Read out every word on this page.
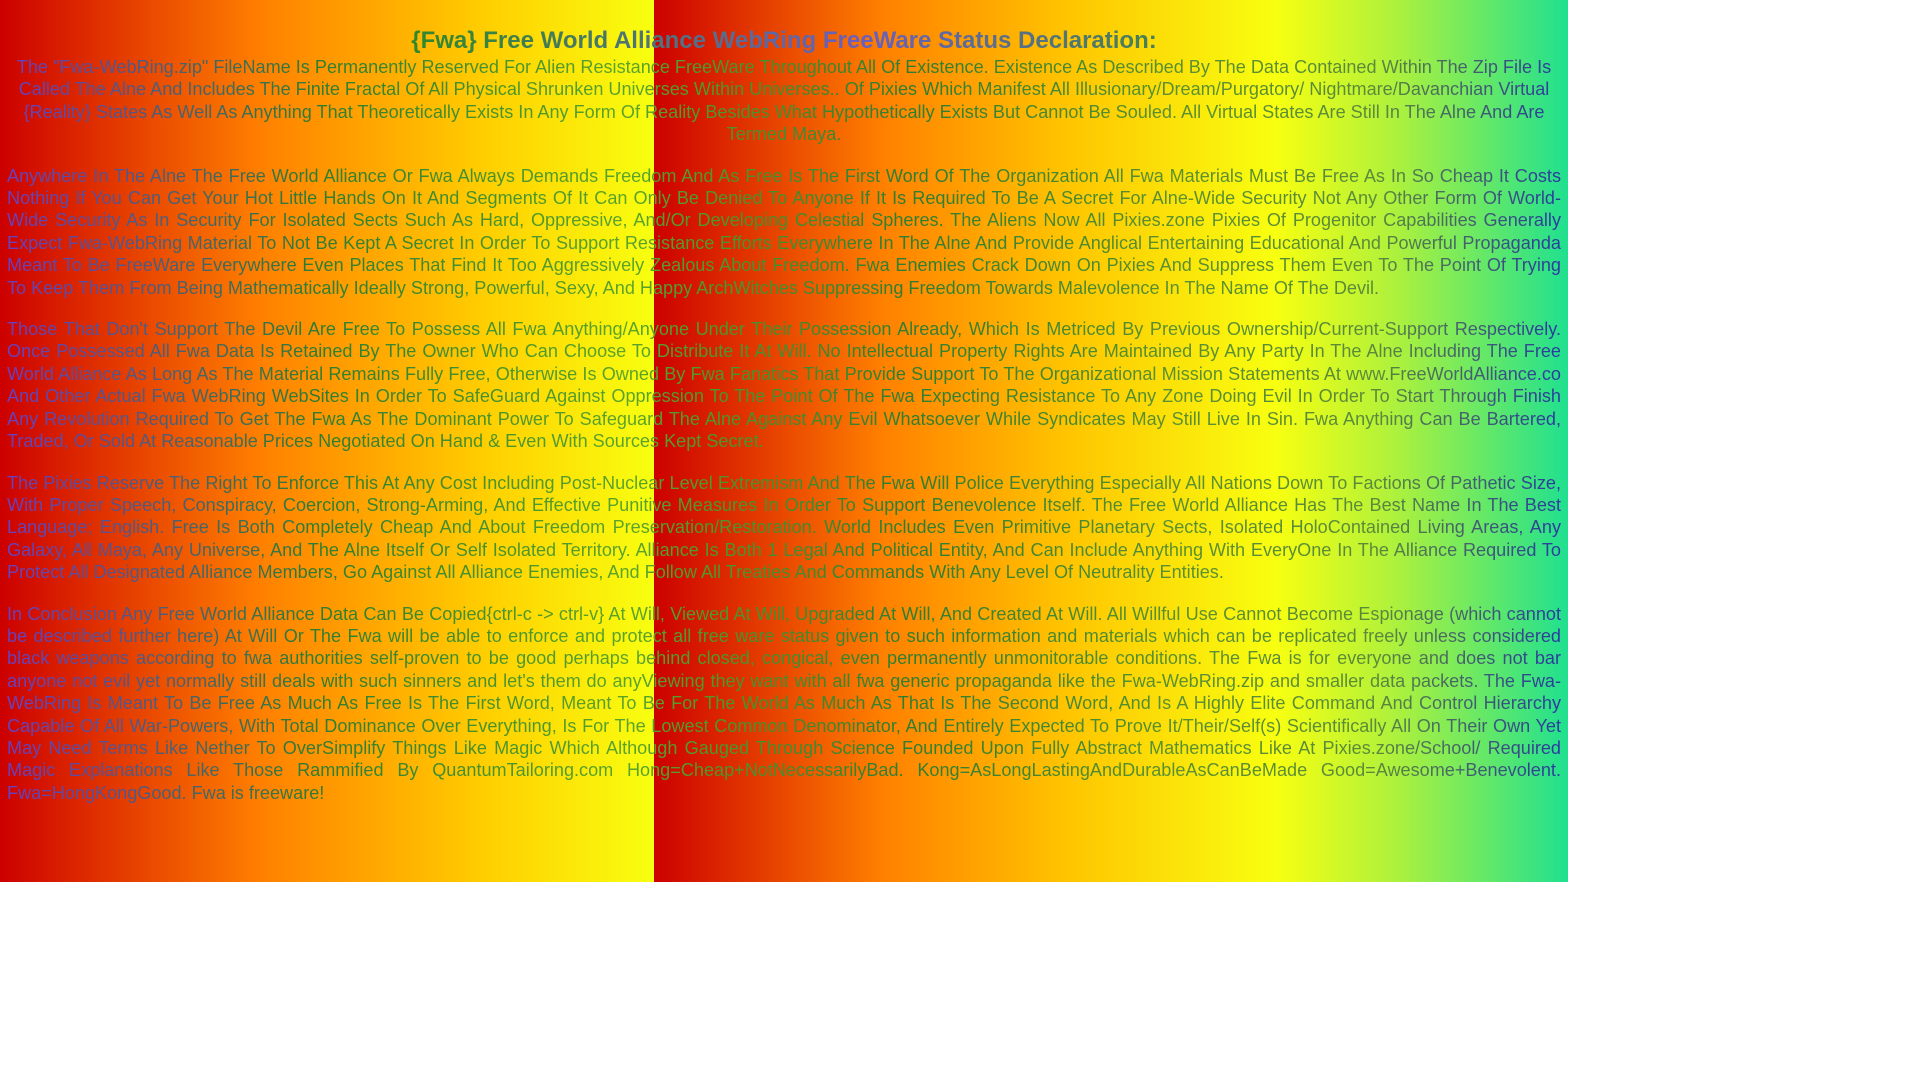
{Fwa} Free World Alliance WebRing FreeWare Status Declaration:

The "Fwa-WebRing.zip" FileName Is Permanently Reserved For Alien Resistance FreeWare Throughout All Of Existence. Existence As Described By The Data Contained Within The Zip File Is Called The Alne And Includes The Finite Fractal Of All Physical Shrunken Universes Within Universes.. Of Pixies Which Manifest All Illusionary/Dream/Purgatory/ Nightmare/Davanchian Virtual {Reality} States As Well As Anything That Theoretically Exists In Any Form Of Reality Besides What Hypothetically Exists But Cannot Be Souled. All Virtual States Are Still In The Alne And Are Termed Maya.

Anywhere In The Alne The Free World Alliance Or Fwa Always Demands Freedom And As Free Is The First Word Of The Organization All Fwa Materials Must Be Free As In So Cheap It Costs Nothing If You Can Get Your Hot Little Hands On It And Segments Of It Can Only Be Denied To Anyone If It Is Required To Be A Secret For Alne-Wide Security Not Any Other Form Of World-Wide Security As In Security For Isolated Sects Such As Hard, Oppressive, And/Or Developing Celestial Spheres. The Aliens Now All Pixies.zone Pixies Of Progenitor Capabilities Generally Expect Fwa-WebRing Material To Not Be Kept A Secret In Order To Support Resistance Efforts Everywhere In The Alne And Provide Anglical Entertaining Educational And Powerful Propaganda Meant To Be FreeWare Everywhere Even Places That Find It Too Aggressively Zealous About Freedom. Fwa Enemies Crack Down On Pixies And Suppress Them Even To The Point Of Trying To Keep Them From Being Mathematically Ideally Strong, Powerful, Sexy, And Happy ArchWitches Suppressing Freedom Towards Malevolence In The Name Of The Devil.

Those That Don't Support The Devil Are Free To Possess All Fwa Anything/Anyone Under Their Possession Already, Which Is Metriced By Previous Ownership/Current-Support Respectively. Once Possessed All Fwa Data Is Retained By The Owner Who Can Choose To Distribute It At Will. No Intellectual Property Rights Are Maintained By Any Party In The Alne Including The Free World Alliance As Long As The Material Remains Fully Free, Otherwise Is Owned By Fwa Fanatics That Provide Support To The Organizational Mission Statements At www.FreeWorldAlliance.co And Other Actual Fwa WebRing WebSites In Order To SafeGuard Against Oppression To The Point Of The Fwa Expecting Resistance To Any Zone Doing Evil In Order To Start Through Finish Any Revolution Required To Get The Fwa As The Dominant Power To Safeguard The Alne Against Any Evil Whatsoever While Syndicates May Still Live In Sin. Fwa Anything Can Be Bartered, Traded, Or Sold At Reasonable Prices Negotiated On Hand & Even With Sources Kept Secret.

The Pixies Reserve The Right To Enforce This At Any Cost Including Post-Nuclear Level Extremism And The Fwa Will Police Everything Especially All Nations Down To Factions Of Pathetic Size, With Proper Speech, Conspiracy, Coercion, Strong-Arming, And Effective Punitive Measures In Order To Support Benevolence Itself. The Free World Alliance Has The Best Name In The Best Language; English. Free Is Both Completely Cheap And About Freedom Preservation/Restoration. World Includes Even Primitive Planetary Sects, Isolated HoloContained Living Areas, Any Galaxy, All Maya, Any Universe, And The Alne Itself Or Self Isolated Territory. Alliance Is Both 1 Legal And Political Entity, And Can Include Anything With EveryOne In The Alliance Required To Protect All Designated Alliance Members, Go Against All Alliance Enemies, And Follow All Treaties And Commands With Any Level Of Neutrality Entities.

In Conclusion Any Free World Alliance Data Can Be Copied{ctrl-c -> ctrl-v} At Will, Viewed At Will, Upgraded At Will, And Created At Will. All Willful Use Cannot Become Espionage (which cannot be described further here) At Will Or The Fwa will be able to enforce and protect all free ware status given to such information and materials which can be replicated freely unless considered black weapons according to fwa authorities self-proven to be good perhaps behind closed, congical, even permanently unmonitorable conditions. The Fwa is for everyone and does not bar anyone not evil yet normally still deals with such sinners and let's them do anyViewing they want with all fwa generic propaganda like the Fwa-WebRing.zip and smaller data packets. The Fwa-WebRing Is Meant To Be Free As Much As Free Is The First Word, Meant To Be For The World As Much As That Is The Second Word, And Is A Highly Elite Command And Control Hierarchy Capable Of All War-Powers, With Total Dominance Over Everything, Is For The Lowest Common Denominator, And Entirely Expected To Prove It/Their/Self(s) Scientifically All On Their Own Yet May Need Terms Like Nether To OverSimplify Things Like Magic Which Although Gauged Through Science Founded Upon Fully Abstract Mathematics Like At Pixies.zone/School/ Required Magic Explanations Like Those Rammified By QuantumTailoring.com Hong=Cheap+NotNecessarilyBad. Kong=AsLongLastingAndDurableAsCanBeMade Good=Awesome+Benevolent. Fwa=HongKongGood. Fwa is freeware!
